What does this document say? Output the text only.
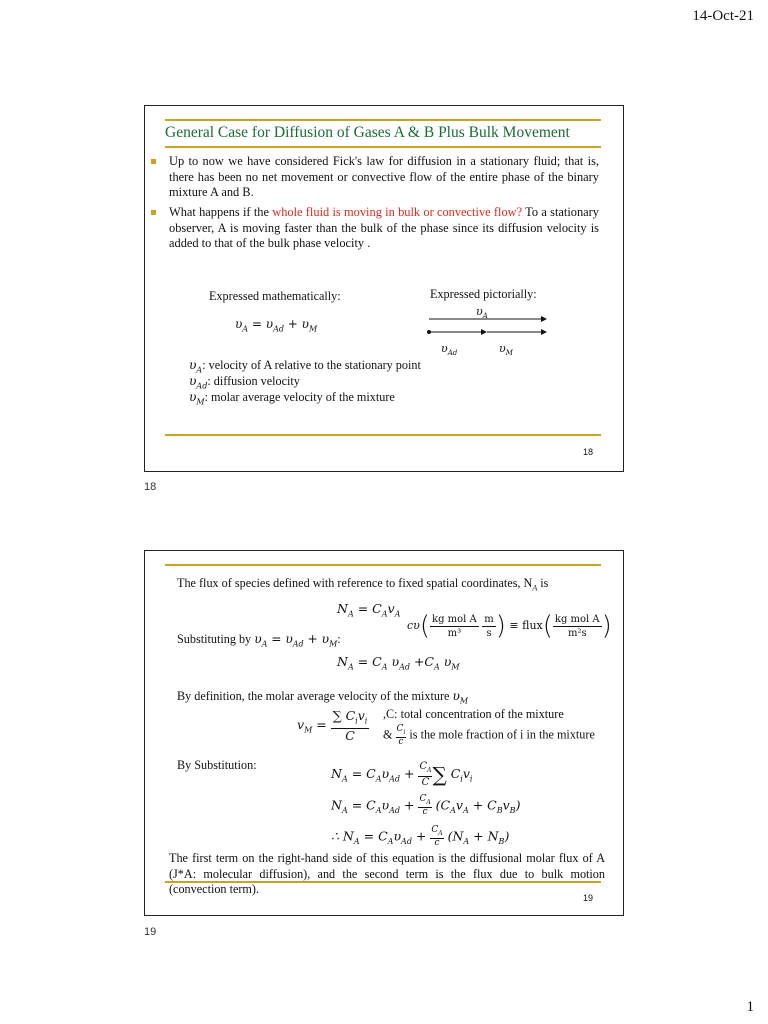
14-Oct-21
1
General Case for Diffusion of Gases A & B Plus Bulk Movement
Up to now we have considered Fick's law for diffusion in a stationary fluid; that is, there has been no net movement or convective flow of the entire phase of the binary mixture A and B.
What happens if the whole fluid is moving in bulk or convective flow? To a stationary observer, A is moving faster than the bulk of the phase since its diffusion velocity is added to that of the bulk phase velocity .
Expressed mathematically:	Expressed pictorially:
$\upsilon_A = \upsilon_{Ad} + \upsilon_M$
$\upsilon_A$
$\upsilon_{Ad}$	$\upsilon_M$
$\upsilon_A$: velocity of A relative to the stationary point
$\upsilon_{Ad}$: diffusion velocity
$\upsilon_M$: molar average velocity of the mixture
18
18
The flux of species defined with reference to fixed spatial coordinates, $N_A$ is
$N_A = C_Av_A$
Substituting by $\upsilon_A = \upsilon_{Ad} + \upsilon_M$:
$c\upsilon( \frac{\text{kg mol A}}{\text{m³}}$
$\frac{m}{s}$ ) ≡ flux( $\frac{\text{kg mol A}}{\text{m²s}}$ )
$N_A = C_A$ $\upsilon_{Ad} +C_A$ $\upsilon_M$
By definition, the molar average velocity of the mixture $\upsilon_M$
$v_M = \frac{\sum C_iv_i}{C} ,C$: total concentration of the mixture
& $\frac{C_i}{c}$ is the mole fraction of i in the mixture
By Substitution:
$N_A = C_A\upsilon_{Ad} + \frac{C_A}{C}$ ∑ $C_iv_i$
$N_A = C_A\upsilon_{Ad} + \frac{C_A}{c} (C_Av_A + C_Bv_B)$
∴ $N_A = C_A\upsilon_{Ad} + \frac{C_A}{c} (N_A + N_B)$
The first term on the right-hand side of this equation is the diffusional molar flux of A (J*A: molecular diffusion), and the second term is the flux due to bulk motion (convection term).
19
19
